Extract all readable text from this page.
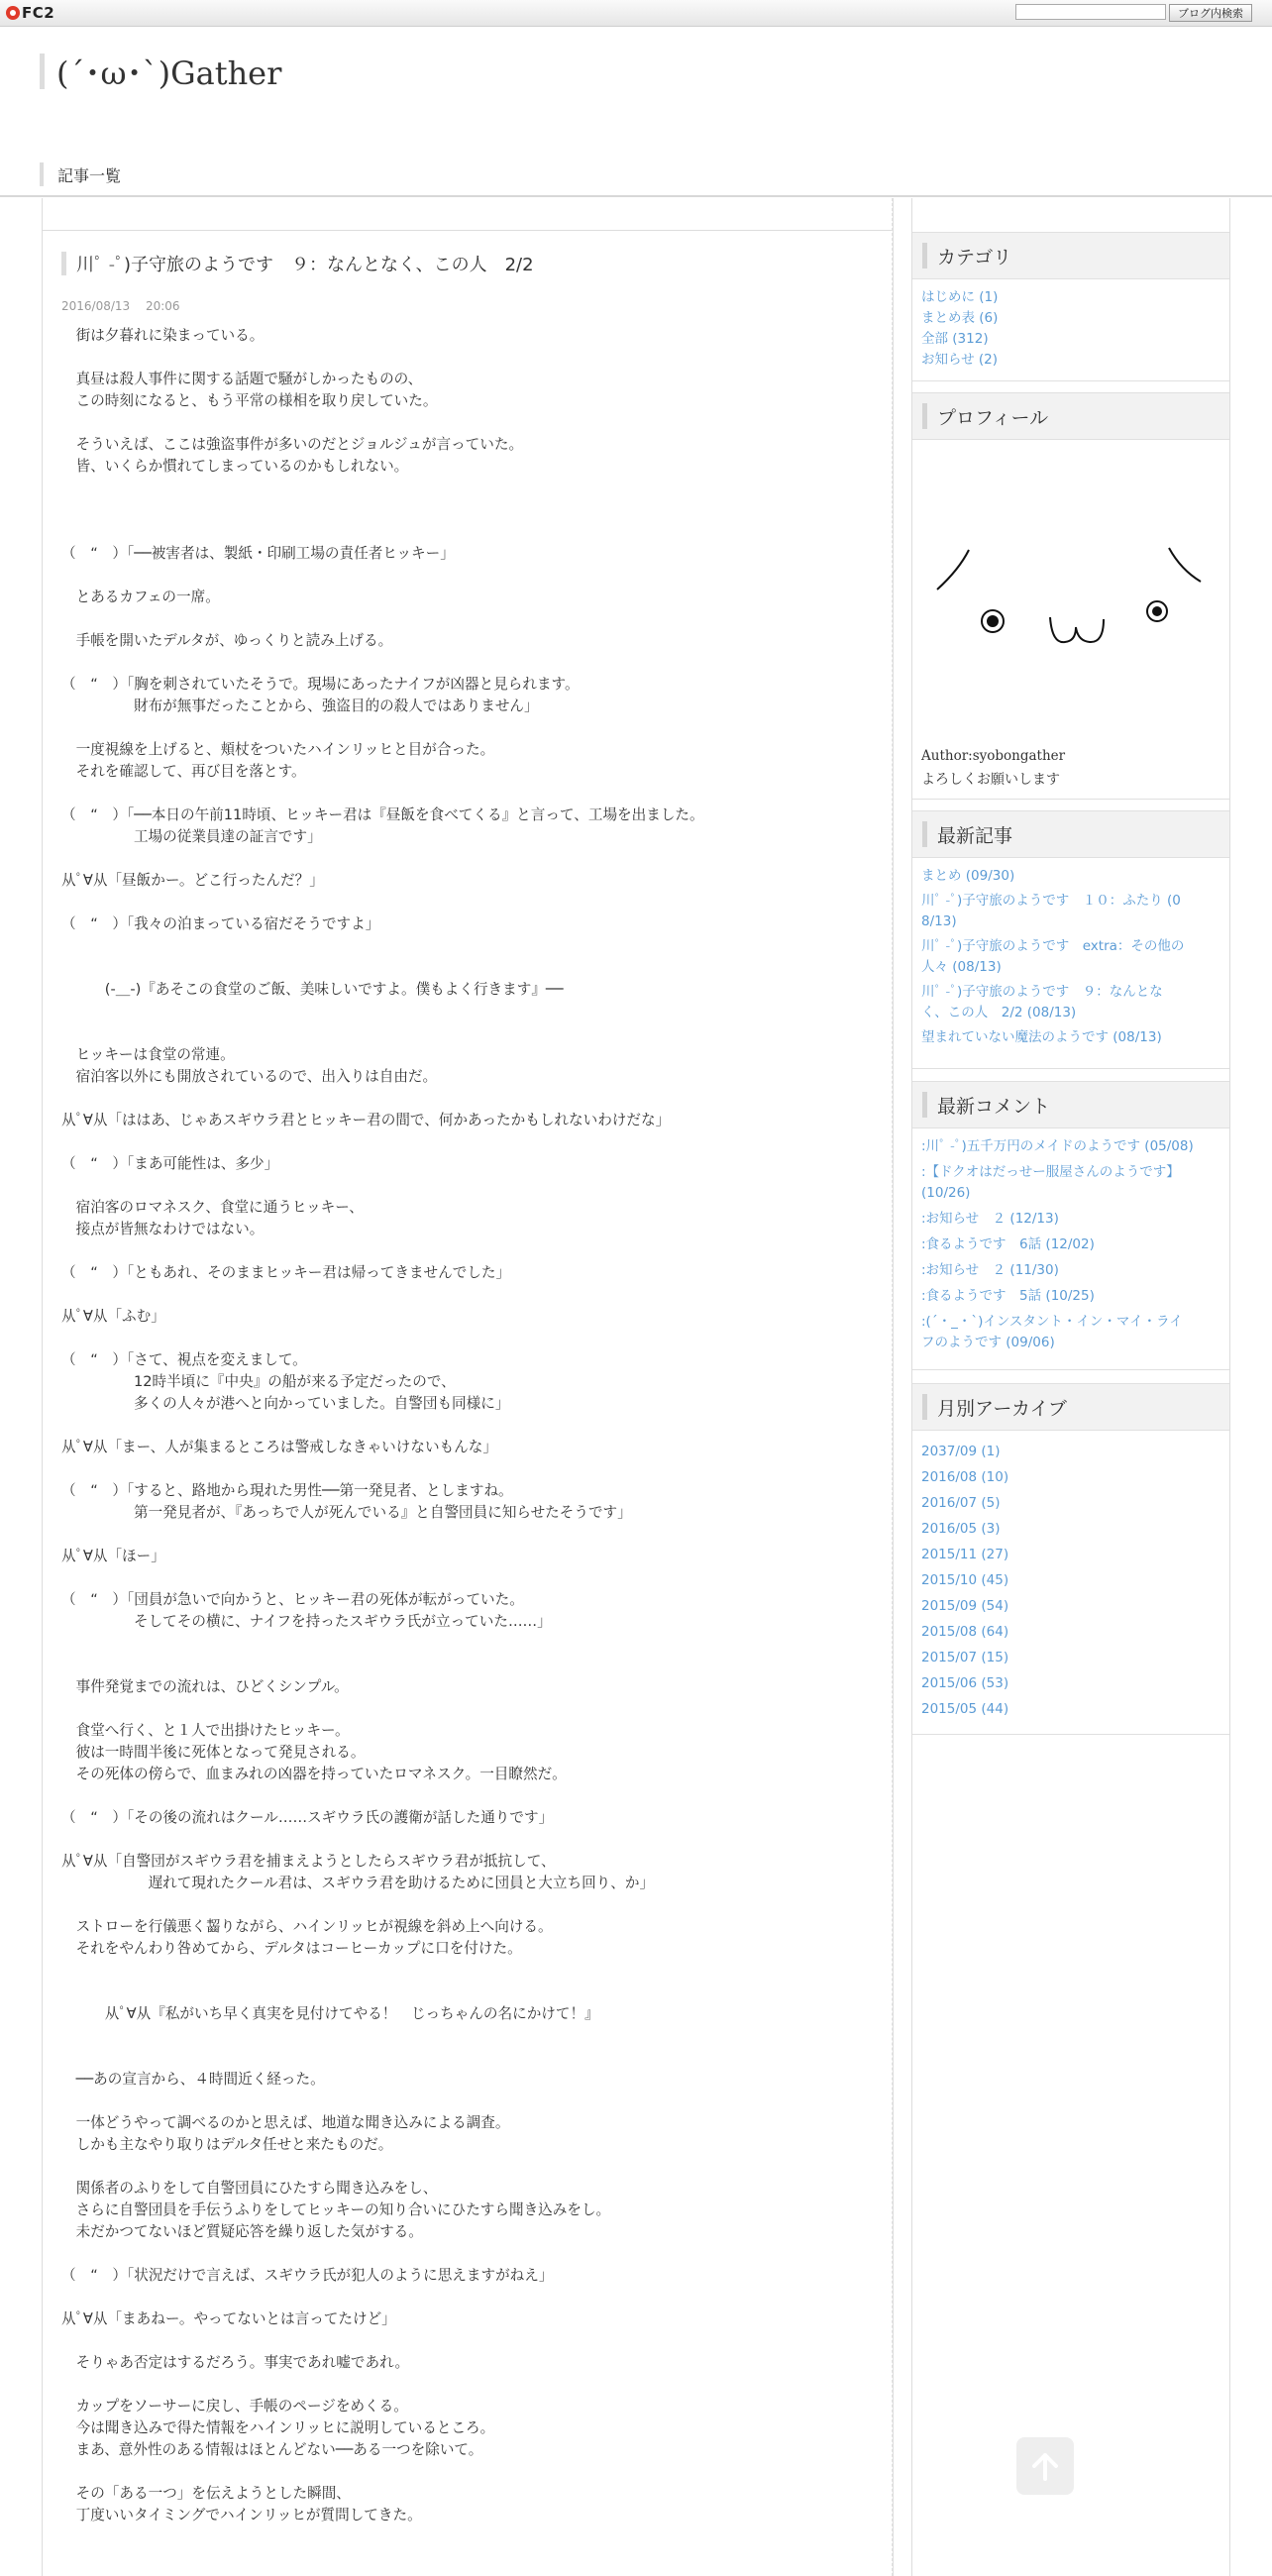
FC2	ブログ内検索
(´･ω･`)Gather
記事一覧
川ﾟ -ﾟ)子守旅のようです　９：なんとなく、この人　2/2
2016/08/13　 20:06
　街は夕暮れに染まっている。
　真昼は殺人事件に関する話題で騒がしかったものの、
　この時刻になると、もう平常の様相を取り戻していた。
　そういえば、ここは強盗事件が多いのだとジョルジュが言っていた。
　皆、いくらか慣れてしまっているのかもしれない。
（　“　）「──被害者は、製紙・印刷工場の責任者ヒッキー」
　とあるカフェの一席。
　手帳を開いたデルタが、ゆっくりと読み上げる。
（　“　）「胸を刺されていたそうで。現場にあったナイフが凶器と見られます。
　　　　　財布が無事だったことから、強盗目的の殺人ではありません」
　一度視線を上げると、頬杖をついたハインリッヒと目が合った。
　それを確認して、再び目を落とす。
（　“　）「──本日の午前11時頃、ヒッキー君は『昼飯を食べてくる』と言って、工場を出ました。
　　　　　工場の従業員達の証言です」
从ﾟ∀从「昼飯かー。どこ行ったんだ？」
（　“　）「我々の泊まっている宿だそうですよ」
　　　(-＿-)『あそこの食堂のご飯、美味しいですよ。僕もよく行きます』──
　ヒッキーは食堂の常連。
　宿泊客以外にも開放されているので、出入りは自由だ。
从ﾟ∀从「ははあ、じゃあスギウラ君とヒッキー君の間で、何かあったかもしれないわけだな」
（　“　）「まあ可能性は、多少」
　宿泊客のロマネスク、食堂に通うヒッキー、
　接点が皆無なわけではない。
（　“　）「ともあれ、そのままヒッキー君は帰ってきませんでした」
从ﾟ∀从「ふむ」
（　“　）「さて、視点を変えまして。
　　　　　12時半頃に『中央』の船が来る予定だったので、
　　　　　多くの人々が港へと向かっていました。自警団も同様に」
从ﾟ∀从「まー、人が集まるところは警戒しなきゃいけないもんな」
（　“　）「すると、路地から現れた男性──第一発見者、としますね。
　　　　　第一発見者が、『あっちで人が死んでいる』と自警団員に知らせたそうです」
从ﾟ∀从「ほー」
（　“　）「団員が急いで向かうと、ヒッキー君の死体が転がっていた。
　　　　　そしてその横に、ナイフを持ったスギウラ氏が立っていた……」
　事件発覚までの流れは、ひどくシンプル。
　食堂へ行く、と１人で出掛けたヒッキー。
　彼は一時間半後に死体となって発見される。
　その死体の傍らで、血まみれの凶器を持っていたロマネスク。一目瞭然だ。
（　“　）「その後の流れはクール……スギウラ氏の護衛が話した通りです」
从ﾟ∀从「自警団がスギウラ君を捕まえようとしたらスギウラ君が抵抗して、
　　　　　　遅れて現れたクール君は、スギウラ君を助けるために団員と大立ち回り、か」
　ストローを行儀悪く齧りながら、ハインリッヒが視線を斜め上へ向ける。
　それをやんわり咎めてから、デルタはコーヒーカップに口を付けた。
　　　从ﾟ∀从『私がいち早く真実を見付けてやる！　じっちゃんの名にかけて！』
　──あの宣言から、４時間近く経った。
　一体どうやって調べるのかと思えば、地道な聞き込みによる調査。
　しかも主なやり取りはデルタ任せと来たものだ。
　関係者のふりをして自警団員にひたすら聞き込みをし、
　さらに自警団員を手伝うふりをしてヒッキーの知り合いにひたすら聞き込みをし。
　未だかつてないほど質疑応答を繰り返した気がする。
（　“　）「状況だけで言えば、スギウラ氏が犯人のように思えますがねえ」
从ﾟ∀从「まあねー。やってないとは言ってたけど」
　そりゃあ否定はするだろう。事実であれ嘘であれ。
　カップをソーサーに戻し、手帳のページをめくる。
　今は聞き込みで得た情報をハインリッヒに説明しているところ。
　まあ、意外性のある情報はほとんどない──ある一つを除いて。
　その「ある一つ」を伝えようとした瞬間、
　丁度いいタイミングでハインリッヒが質問してきた。
カテゴリ
はじめに (1)
まとめ表 (6)
全部 (312)
お知らせ (2)
プロフィール
Author:syobongather
よろしくお願いします
最新記事
まとめ (09/30)
川ﾟ -ﾟ)子守旅のようです　１０：ふたり (0
8/13)
川ﾟ -ﾟ)子守旅のようです　extra：その他の
人々 (08/13)
川ﾟ -ﾟ)子守旅のようです　９：なんとな
く、この人　2/2 (08/13)
望まれていない魔法のようです (08/13)
最新コメント
:川ﾟ -ﾟ)五千万円のメイドのようです (05/08)
:【ドクオはだっせー服屋さんのようです】
(10/26)
:お知らせ　２ (12/13)
:食るようです　6話 (12/02)
:お知らせ　２ (11/30)
:食るようです　5話 (10/25)
:(´・_・`)インスタント・イン・マイ・ライ
フのようです (09/06)
月別アーカイブ
2037/09 (1)
2016/08 (10)
2016/07 (5)
2016/05 (3)
2015/11 (27)
2015/10 (45)
2015/09 (54)
2015/08 (64)
2015/07 (15)
2015/06 (53)
2015/05 (44)
